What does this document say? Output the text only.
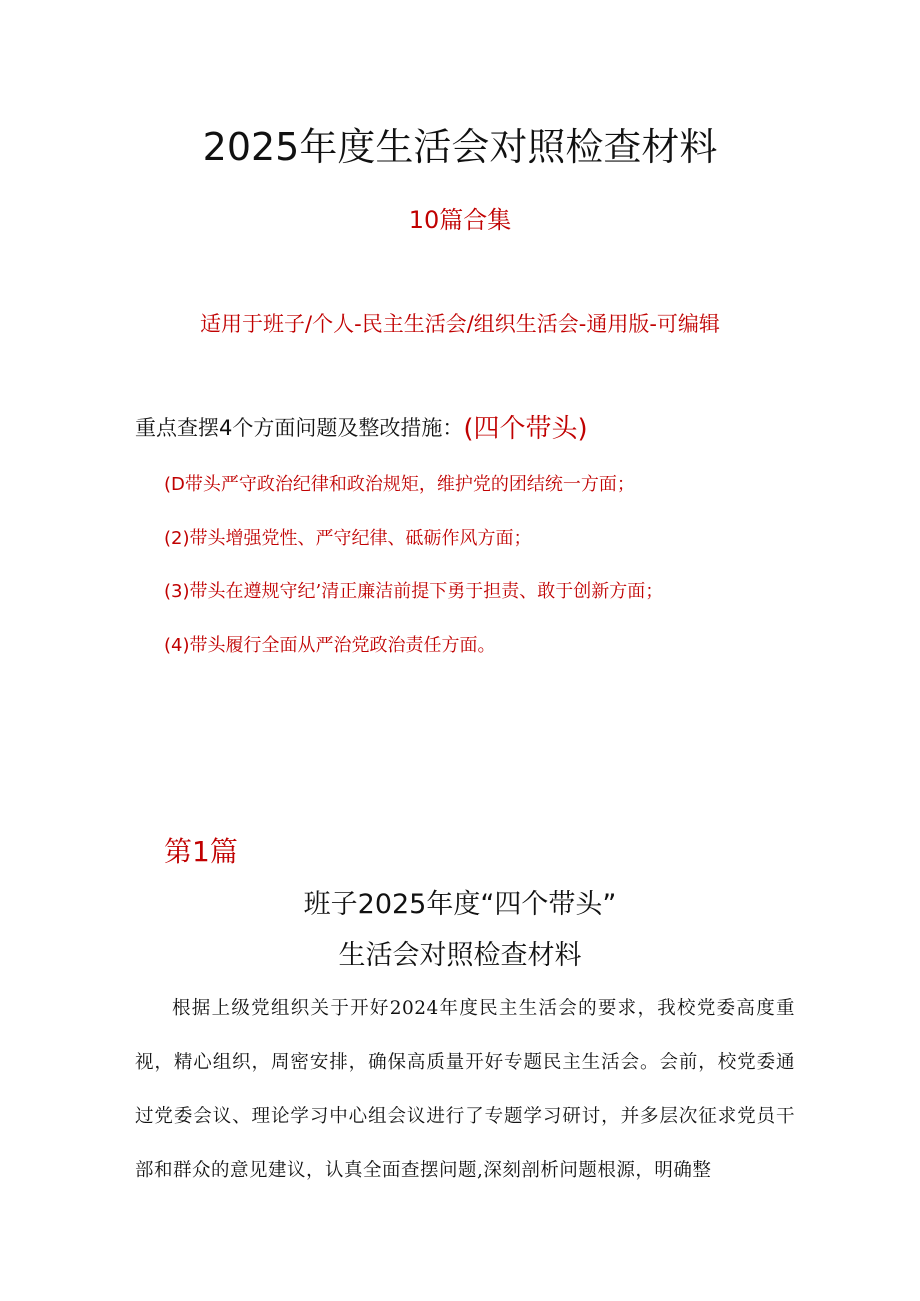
2025年度生活会对照检查材料
10篇合集
适用于班子/个人-民主生活会/组织生活会-通用版-可编辑
重点查摆4个方面问题及整改措施：(四个带头)
(D带头严守政治纪律和政治规矩，维护党的团结统一方面；
(2)带头增强党性、严守纪律、砥砺作风方面；
(3)带头在遵规守纪’清正廉洁前提下勇于担责、敢于创新方面；
(4)带头履行全面从严治党政治责任方面。
第1篇
班子2025年度“四个带头”
生活会对照检查材料
根据上级党组织关于开好2024年度民主生活会的要求，我校党委高度重视，精心组织，周密安排，确保高质量开好专题民主生活会。会前，校党委通过党委会议、理论学习中心组会议进行了专题学习研讨，并多层次征求党员干部和群众的意见建议，认真全面查摆问题,深刻剖析问题根源，明确整
